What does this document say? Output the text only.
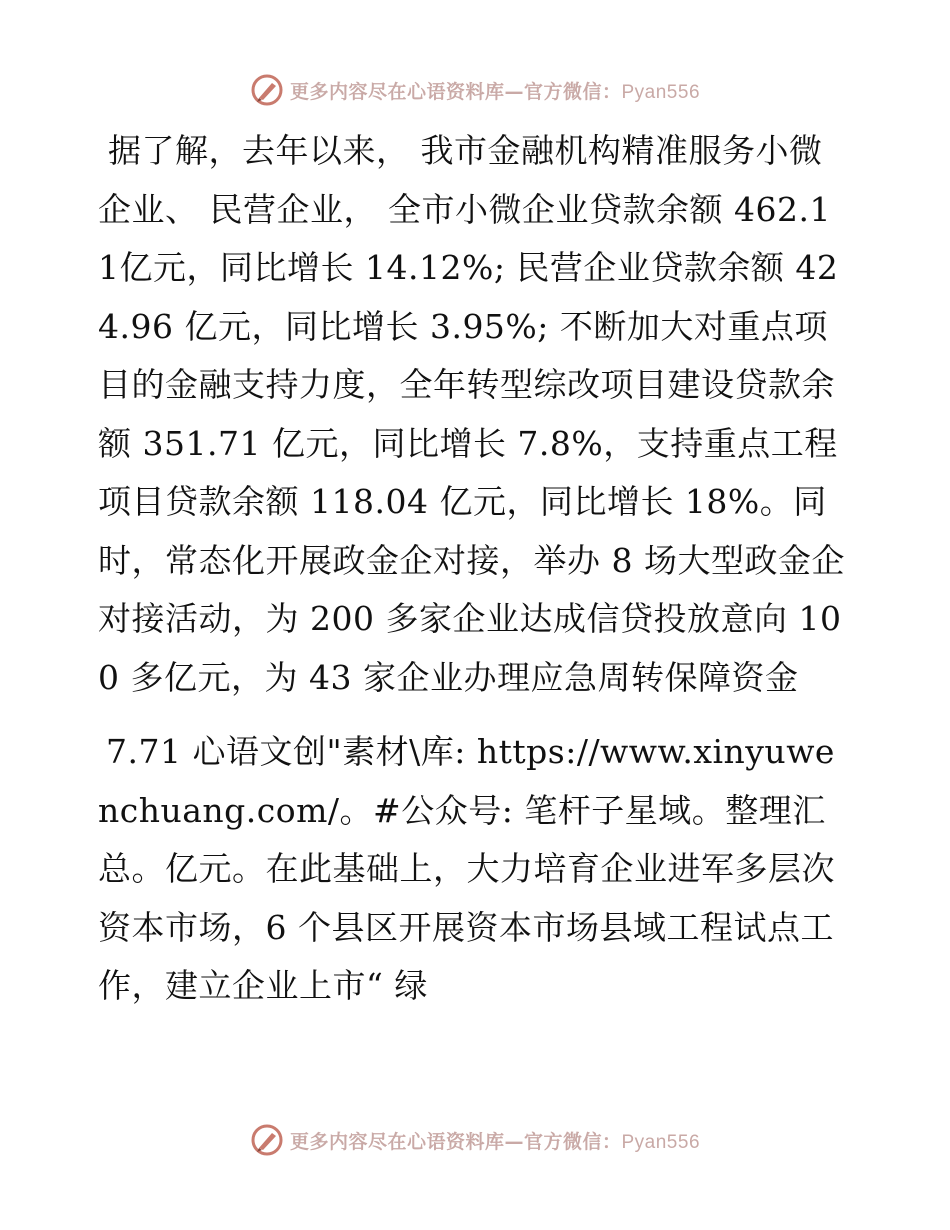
更多内容尽在心语资料库—官方微信：Pyan556

据了解，去年以来， 我市金融机构精准服务小微企业、 民营企业， 全市小微企业贷款余额 462.11亿元，同比增长 14.12%; 民营企业贷款余额 424.96 亿元，同比增长 3.95%; 不断加大对重点项目的金融支持力度，全年转型综改项目建设贷款余额 351.71 亿元，同比增长 7.8%，支持重点工程项目贷款余额 118.04 亿元，同比增长 18%。同时，常态化开展政金企对接，举办 8 场大型政金企对接活动，为 200 多家企业达成信贷投放意向 100 多亿元，为 43 家企业办理应急周转保障资金

7.71 心语文创"素材\库: https://www.xinyuwenchuang.com/。#公众号: 笔杆子星域。整理汇总。亿元。在此基础上，大力培育企业进军多层次资本市场，6 个县区开展资本市场县域工程试点工作，建立企业上市“ 绿

更多内容尽在心语资料库—官方微信：Pyan556
